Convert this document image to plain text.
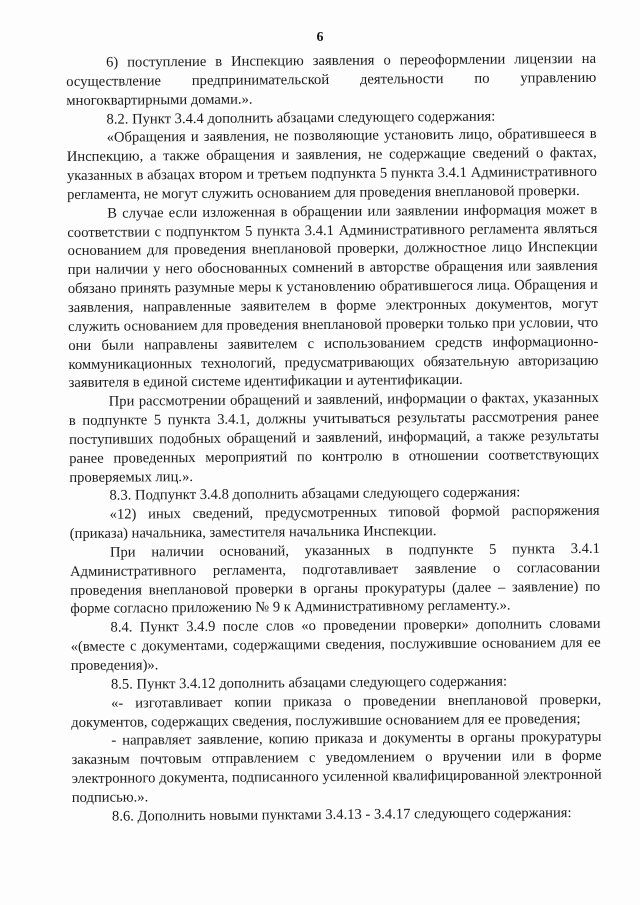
6

6) поступление в Инспекцию заявления о переоформлении лицензии на осуществление предпринимательской деятельности по управлению многоквартирными домами.».

8.2. Пункт 3.4.4 дополнить абзацами следующего содержания:

«Обращения и заявления, не позволяющие установить лицо, обратившееся в Инспекцию, а также обращения и заявления, не содержащие сведений о фактах, указанных в абзацах втором и третьем подпункта 5 пункта 3.4.1 Административного регламента, не могут служить основанием для проведения внеплановой проверки.

В случае если изложенная в обращении или заявлении информация может в соответствии с подпунктом 5 пункта 3.4.1 Административного регламента являться основанием для проведения внеплановой проверки, должностное лицо Инспекции при наличии у него обоснованных сомнений в авторстве обращения или заявления обязано принять разумные меры к установлению обратившегося лица. Обращения и заявления, направленные заявителем в форме электронных документов, могут служить основанием для проведения внеплановой проверки только при условии, что они были направлены заявителем с использованием средств информационно-коммуникационных технологий, предусматривающих обязательную авторизацию заявителя в единой системе идентификации и аутентификации.

При рассмотрении обращений и заявлений, информации о фактах, указанных в подпункте 5 пункта 3.4.1, должны учитываться результаты рассмотрения ранее поступивших подобных обращений и заявлений, информаций, а также результаты ранее проведенных мероприятий по контролю в отношении соответствующих проверяемых лиц.».

8.3. Подпункт 3.4.8 дополнить абзацами следующего содержания:

«12) иных сведений, предусмотренных типовой формой распоряжения (приказа) начальника, заместителя начальника Инспекции.

При наличии оснований, указанных в подпункте 5 пункта 3.4.1 Административного регламента, подготавливает заявление о согласовании проведения внеплановой проверки в органы прокуратуры (далее – заявление) по форме согласно приложению № 9 к Административному регламенту.».

8.4. Пункт 3.4.9 после слов «о проведении проверки» дополнить словами «(вместе с документами, содержащими сведения, послужившие основанием для ее проведения)».

8.5. Пункт 3.4.12 дополнить абзацами следующего содержания:

«- изготавливает копии приказа о проведении внеплановой проверки, документов, содержащих сведения, послужившие основанием для ее проведения;

- направляет заявление, копию приказа и документы в органы прокуратуры заказным почтовым отправлением с уведомлением о вручении или в форме электронного документа, подписанного усиленной квалифицированной электронной подписью.».

8.6. Дополнить новыми пунктами 3.4.13 - 3.4.17 следующего содержания:
